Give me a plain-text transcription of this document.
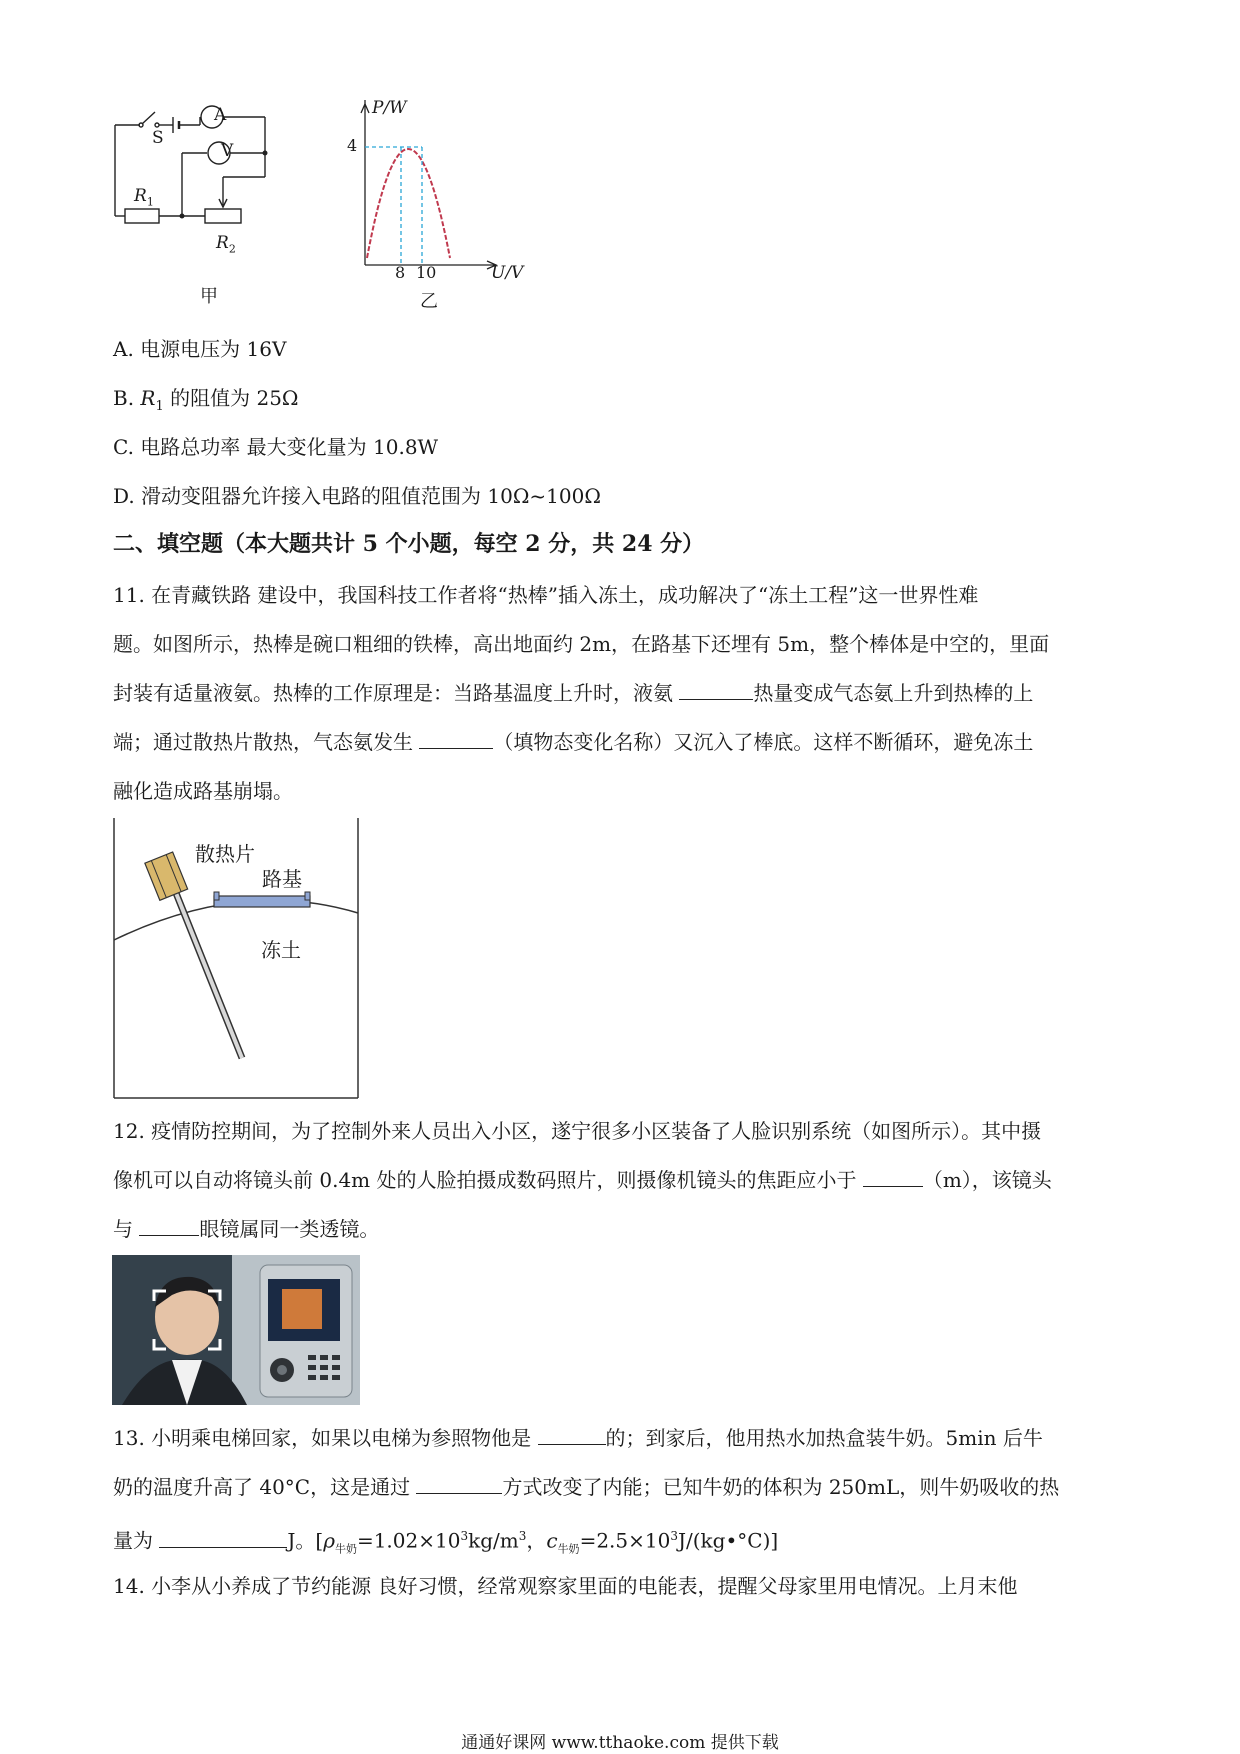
A
V
S
$R_1$
$R_2$
甲
P/W
4
8 10	U/V
乙
A. 电源电压为 16V
B. $R_1$ 的阻值为 25Ω
C. 电路总功率 最大变化量为 10.8W
D. 滑动变阻器允许接入电路的阻值范围为 10Ω~100Ω
二、填空题（本大题共计 5 个小题，每空 2 分，共 24 分）
11. 在青藏铁路 建设中，我国科技工作者将“热棒”插入冻土，成功解决了“冻土工程”这一世界性难
题。如图所示，热棒是碗口粗细的铁棒，高出地面约 2m，在路基下还埋有 5m，整个棒体是中空的，里面
封装有适量液氨。热棒的工作原理是：当路基温度上升时，液氨	热量变成气态氨上升到热棒的上
端；通过散热片散热，气态氨发生	（填物态变化名称）又沉入了棒底。这样不断循环，避免冻土
融化造成路基崩塌。
散热片
路基
冻土
12. 疫情防控期间，为了控制外来人员出入小区，遂宁很多小区装备了人脸识别系统（如图所示）。其中摄
像机可以自动将镜头前 0.4m 处的人脸拍摄成数码照片，则摄像机镜头的焦距应小于	（m），该镜头
与	眼镜属同一类透镜。
13. 小明乘电梯回家，如果以电梯为参照物他是	的；到家后，他用热水加热盒装牛奶。5min 后牛
奶的温度升高了 40°C，这是通过	方式改变了内能；已知牛奶的体积为 250mL，则牛奶吸收的热
量为	J。[$\rho_{牛奶}=1.02\times 10^3kg/m^3$，$c_{牛奶}=2.5\times 10^3J/(kg•^\circ C)$]
14. 小李从小养成了节约能源 良好习惯，经常观察家里面的电能表，提醒父母家里用电情况。上月末他
通通好课网 www.tthaoke.com 提供下载
